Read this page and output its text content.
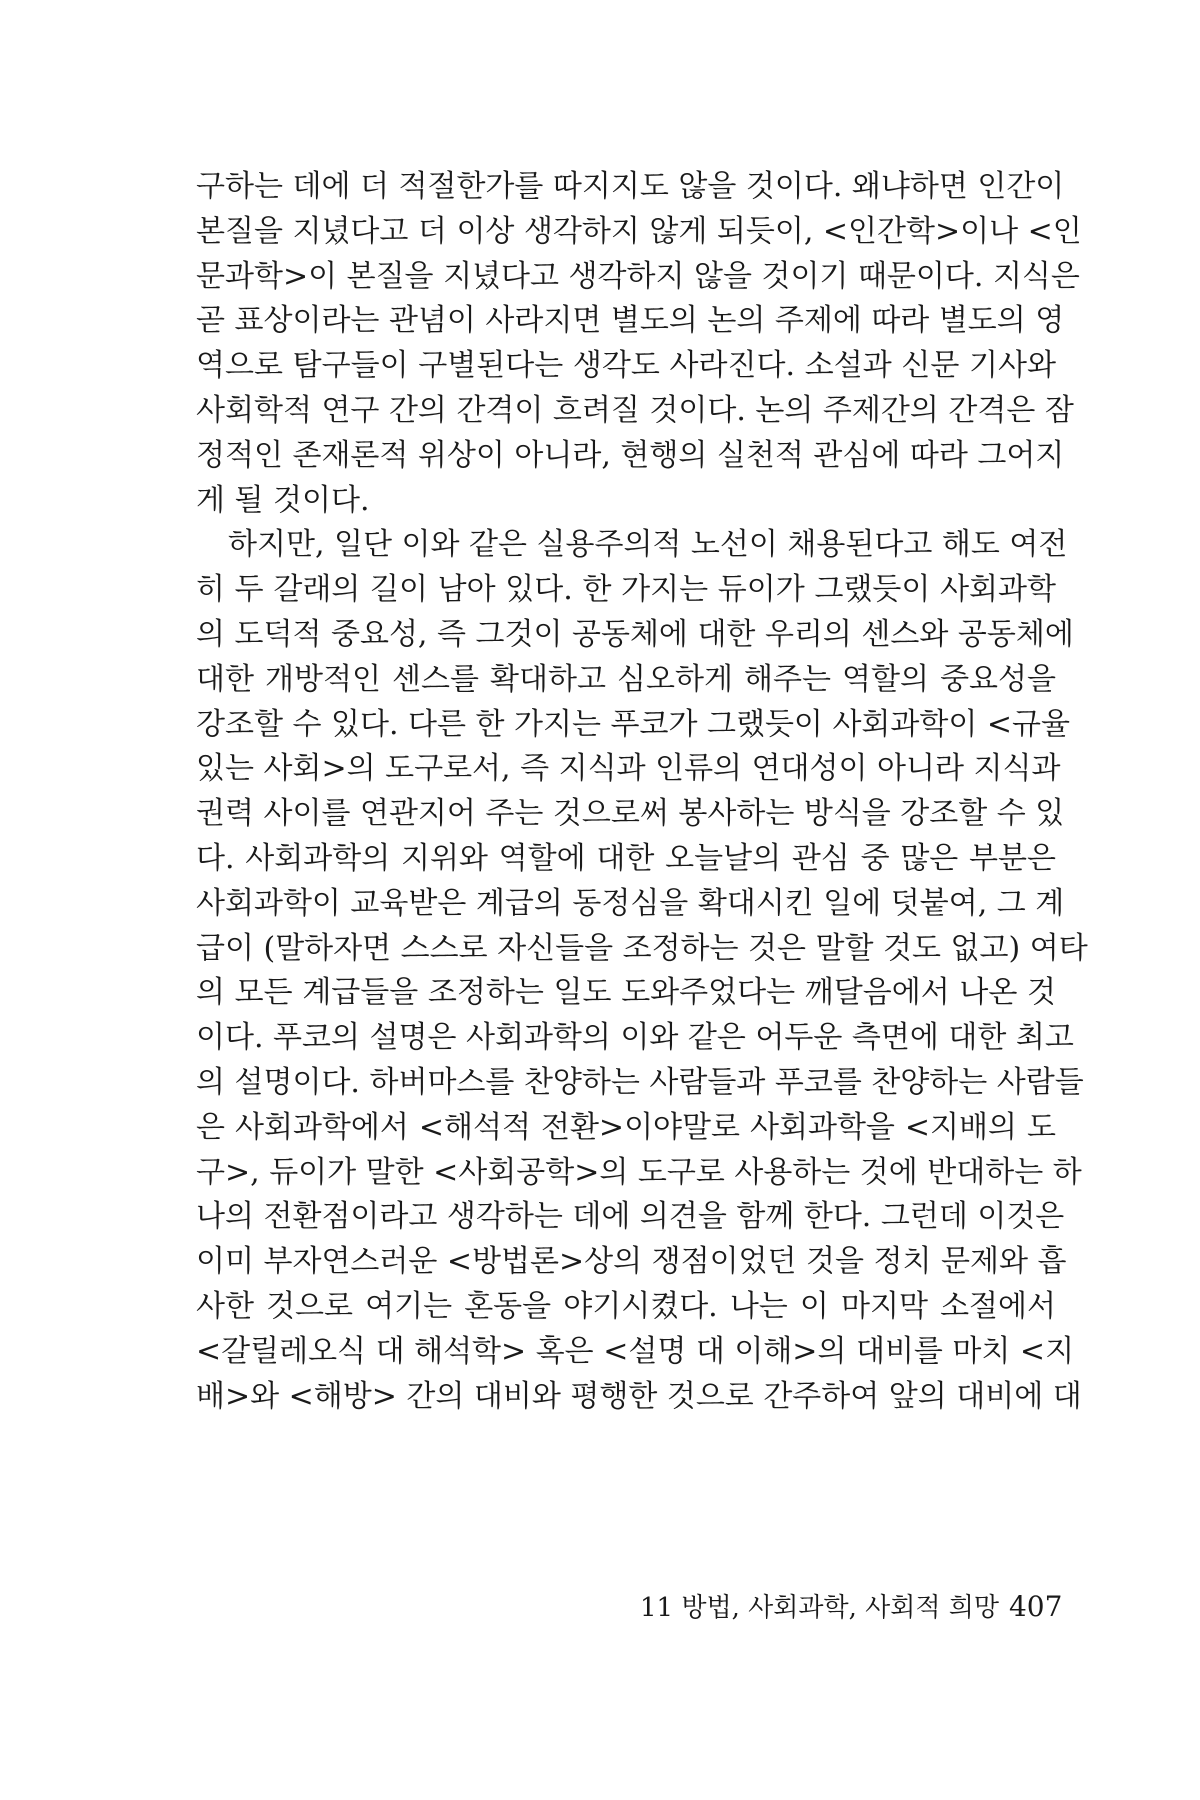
구하는 데에 더 적절한가를 따지지도 않을 것이다. 왜냐하면 인간이
본질을 지녔다고 더 이상 생각하지 않게 되듯이, <인간학>이나 <인
문과학>이 본질을 지녔다고 생각하지 않을 것이기 때문이다. 지식은
곧 표상이라는 관념이 사라지면 별도의 논의 주제에 따라 별도의 영
역으로 탐구들이 구별된다는 생각도 사라진다. 소설과 신문 기사와
사회학적 연구 간의 간격이 흐려질 것이다. 논의 주제간의 간격은 잠
정적인 존재론적 위상이 아니라, 현행의 실천적 관심에 따라 그어지
게 될 것이다.
하지만, 일단 이와 같은 실용주의적 노선이 채용된다고 해도 여전
히 두 갈래의 길이 남아 있다. 한 가지는 듀이가 그랬듯이 사회과학
의 도덕적 중요성, 즉 그것이 공동체에 대한 우리의 센스와 공동체에
대한 개방적인 센스를 확대하고 심오하게 해주는 역할의 중요성을
강조할 수 있다. 다른 한 가지는 푸코가 그랬듯이 사회과학이 <규율
있는 사회>의 도구로서, 즉 지식과 인류의 연대성이 아니라 지식과
권력 사이를 연관지어 주는 것으로써 봉사하는 방식을 강조할 수 있
다. 사회과학의 지위와 역할에 대한 오늘날의 관심 중 많은 부분은
사회과학이 교육받은 계급의 동정심을 확대시킨 일에 덧붙여, 그 계
급이 (말하자면 스스로 자신들을 조정하는 것은 말할 것도 없고) 여타
의 모든 계급들을 조정하는 일도 도와주었다는 깨달음에서 나온 것
이다. 푸코의 설명은 사회과학의 이와 같은 어두운 측면에 대한 최고
의 설명이다. 하버마스를 찬양하는 사람들과 푸코를 찬양하는 사람들
은 사회과학에서 <해석적 전환>이야말로 사회과학을 <지배의 도
구>, 듀이가 말한 <사회공학>의 도구로 사용하는 것에 반대하는 하
나의 전환점이라고 생각하는 데에 의견을 함께 한다. 그런데 이것은
이미 부자연스러운 <방법론>상의 쟁점이었던 것을 정치 문제와 흡
사한 것으로 여기는 혼동을 야기시켰다. 나는 이 마지막 소절에서
<갈릴레오식 대 해석학> 혹은 <설명 대 이해>의 대비를 마치 <지
배>와 <해방> 간의 대비와 평행한 것으로 간주하여 앞의 대비에 대
11 방법, 사회과학, 사회적 희망 407
